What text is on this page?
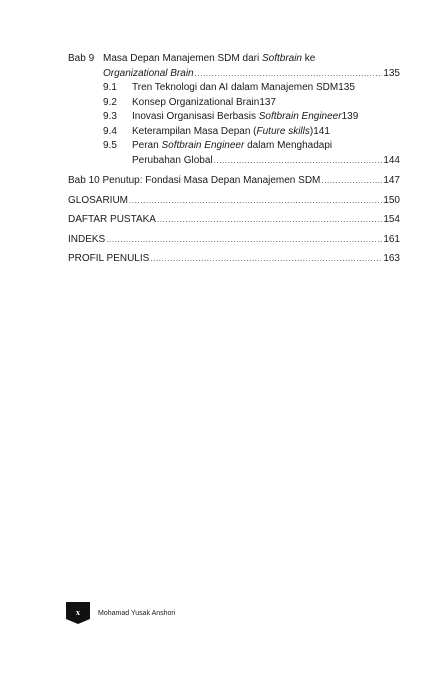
Bab 9 Masa Depan Manajemen SDM dari Softbrain ke
Organizational Brain .....	135
9.1	Tren Teknologi dan AI dalam Manajemen SDM 135
9.2	Konsep Organizational Brain 137
9.3	Inovasi Organisasi Berbasis Softbrain Engineer 139
9.4	Keterampilan Masa Depan (Future skills) 141
9.5	Peran Softbrain Engineer dalam Menghadapi
Perubahan Global .....	144
Bab 10 Penutup: Fondasi Masa Depan Manajemen SDM .....	147
GLOSARIUM .....	150
DAFTAR PUSTAKA .....	154
INDEKS .....	161
PROFIL PENULIS .....	163
x	Mohamad Yusak Anshori
